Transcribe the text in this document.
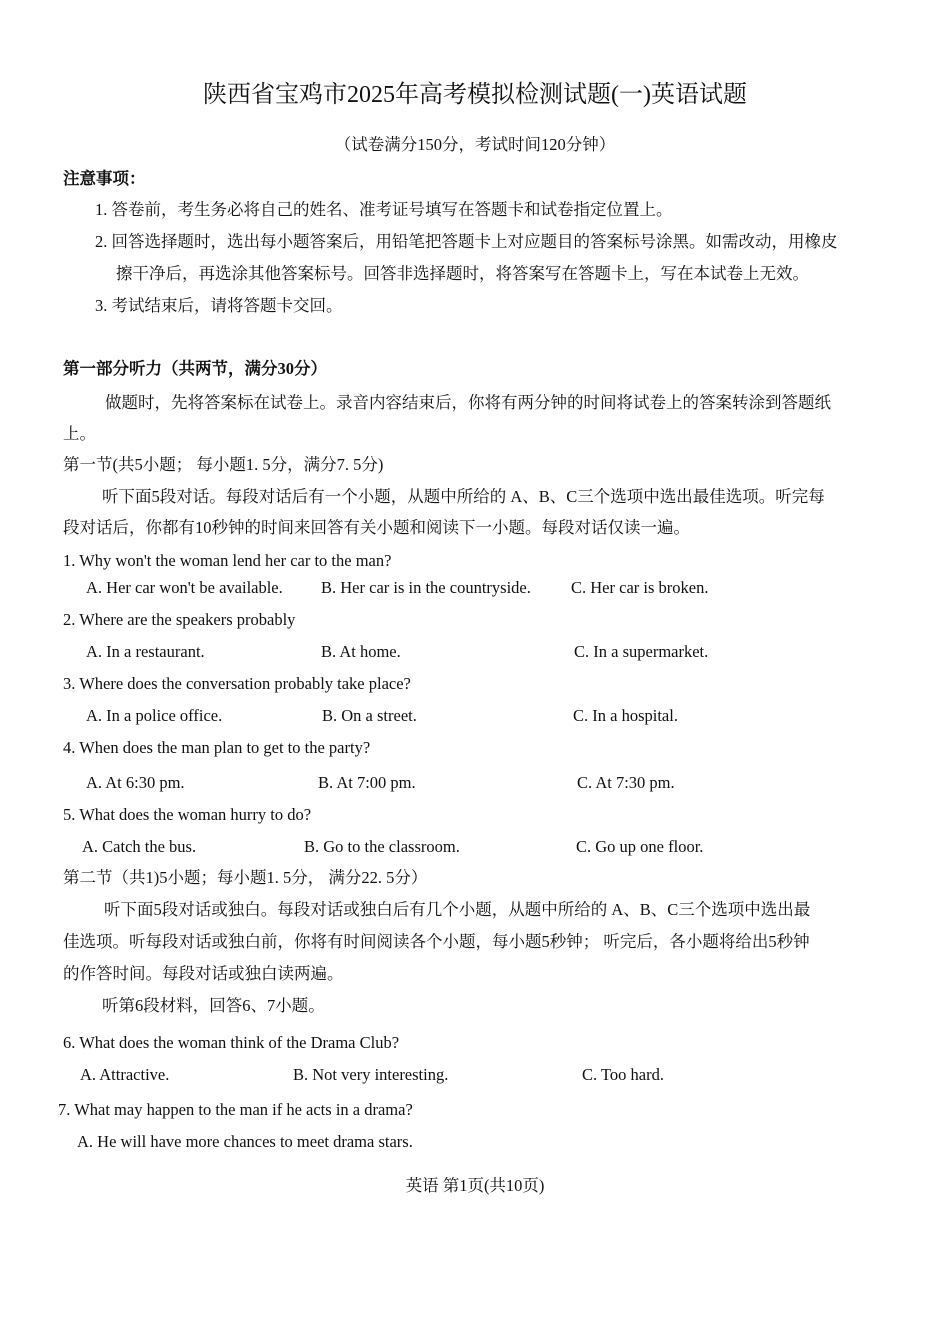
陕西省宝鸡市2025年高考模拟检测试题(一)英语试题
（试卷满分150分，考试时间120分钟）
注意事项：
1. 答卷前，考生务必将自己的姓名、准考证号填写在答题卡和试卷指定位置上。
2. 回答选择题时，选出每小题答案后，用铅笔把答题卡上对应题目的答案标号涂黑。如需改动，用橡皮
擦干净后，再选涂其他答案标号。回答非选择题时，将答案写在答题卡上，写在本试卷上无效。
3. 考试结束后，请将答题卡交回。
第一部分听力（共两节，满分30分）
做题时，先将答案标在试卷上。录音内容结束后，你将有两分钟的时间将试卷上的答案转涂到答题纸
上。
第一节(共5小题； 每小题1. 5分，满分7. 5分)
听下面5段对话。每段对话后有一个小题，从题中所给的 A、B、C三个选项中选出最佳选项。听完每
段对话后，你都有10秒钟的时间来回答有关小题和阅读下一小题。每段对话仅读一遍。
1. Why won't the woman lend her car to the man?
A. Her car won't be available. B. Her car is in the countryside. C. Her car is broken.
2. Where are the speakers probably
A. In a restaurant.	B. At home.	C. In a supermarket.
3. Where does the conversation probably take place?
A. In a police office.	B. On a street.	C. In a hospital.
4. When does the man plan to get to the party?
A. At 6:30 pm.	B. At 7:00 pm.	C. At 7:30 pm.
5. What does the woman hurry to do?
A. Catch the bus.	B. Go to the classroom.	C. Go up one floor.
第二节（共1)5小题；每小题1. 5分， 满分22. 5分）
听下面5段对话或独白。每段对话或独白后有几个小题，从题中所给的 A、B、C三个选项中选出最
佳选项。听每段对话或独白前，你将有时间阅读各个小题，每小题5秒钟； 听完后，各小题将给出5秒钟
的作答时间。每段对话或独白读两遍。
听第6段材料，回答6、7小题。
6. What does the woman think of the Drama Club?
A. Attractive.	B. Not very interesting.	C. Too hard.
7. What may happen to the man if he acts in a drama?
A. He will have more chances to meet drama stars.
英语 第1页(共10页)
